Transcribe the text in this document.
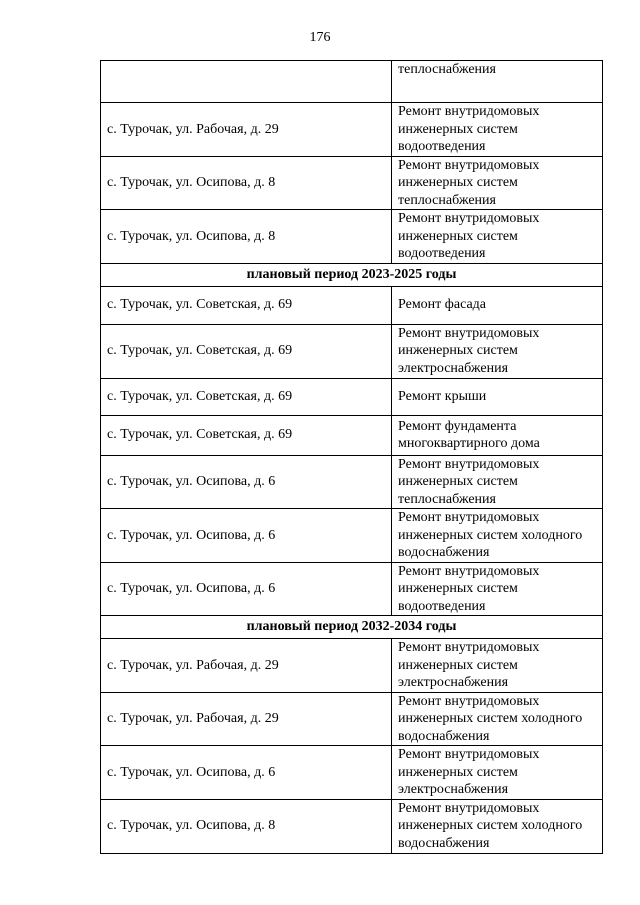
176
	теплоснабжения
с. Турочак, ул. Рабочая, д. 29	Ремонт внутридомовых инженерных систем водоотведения
с. Турочак, ул. Осипова, д. 8	Ремонт внутридомовых инженерных систем теплоснабжения
с. Турочак, ул. Осипова, д. 8	Ремонт внутридомовых инженерных систем водоотведения
плановый период 2023-2025 годы	
с. Турочак, ул. Советская, д. 69	Ремонт фасада
с. Турочак, ул. Советская, д. 69	Ремонт внутридомовых инженерных систем электроснабжения
с. Турочак, ул. Советская, д. 69	Ремонт крыши
с. Турочак, ул. Советская, д. 69	Ремонт фундамента многоквартирного дома
с. Турочак, ул. Осипова, д. 6	Ремонт внутридомовых инженерных систем теплоснабжения
с. Турочак, ул. Осипова, д. 6	Ремонт внутридомовых инженерных систем холодного водоснабжения
с. Турочак, ул. Осипова, д. 6	Ремонт внутридомовых инженерных систем водоотведения
плановый период 2032-2034 годы	
с. Турочак, ул. Рабочая, д. 29	Ремонт внутридомовых инженерных систем электроснабжения
с. Турочак, ул. Рабочая, д. 29	Ремонт внутридомовых инженерных систем холодного водоснабжения
с. Турочак, ул. Осипова, д. 6	Ремонт внутридомовых инженерных систем электроснабжения
с. Турочак, ул. Осипова, д. 8	Ремонт внутридомовых инженерных систем холодного водоснабжения
